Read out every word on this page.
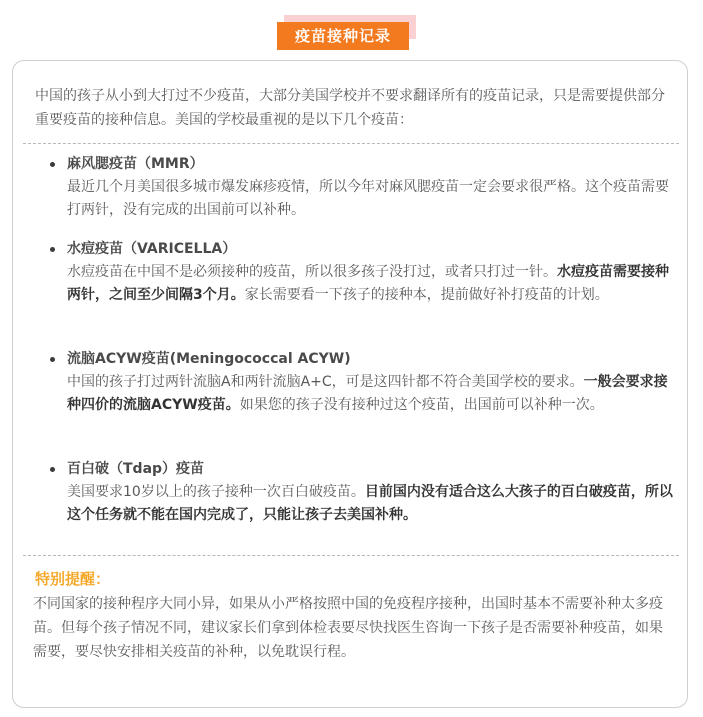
疫苗接种记录
中国的孩子从小到大打过不少疫苗，大部分美国学校并不要求翻译所有的疫苗记录，只是需要提供部分重要疫苗的接种信息。美国的学校最重视的是以下几个疫苗：
麻风腮疫苗（MMR）
最近几个月美国很多城市爆发麻疹疫情，所以今年对麻风腮疫苗一定会要求很严格。这个疫苗需要打两针，没有完成的出国前可以补种。
水痘疫苗（VARICELLA）
水痘疫苗在中国不是必须接种的疫苗，所以很多孩子没打过，或者只打过一针。水痘疫苗需要接种两针，之间至少间隔3个月。家长需要看一下孩子的接种本，提前做好补打疫苗的计划。
流脑ACYW疫苗(Meningococcal ACYW)
中国的孩子打过两针流脑A和两针流脑A+C，可是这四针都不符合美国学校的要求。一般会要求接种四价的流脑ACYW疫苗。如果您的孩子没有接种过这个疫苗，出国前可以补种一次。
百白破（Tdap）疫苗
美国要求10岁以上的孩子接种一次百白破疫苗。目前国内没有适合这么大孩子的百白破疫苗，所以这个任务就不能在国内完成了，只能让孩子去美国补种。
特别提醒：
不同国家的接种程序大同小异，如果从小严格按照中国的免疫程序接种，出国时基本不需要补种太多疫苗。但每个孩子情况不同，建议家长们拿到体检表要尽快找医生咨询一下孩子是否需要补种疫苗，如果需要，要尽快安排相关疫苗的补种，以免耽误行程。
